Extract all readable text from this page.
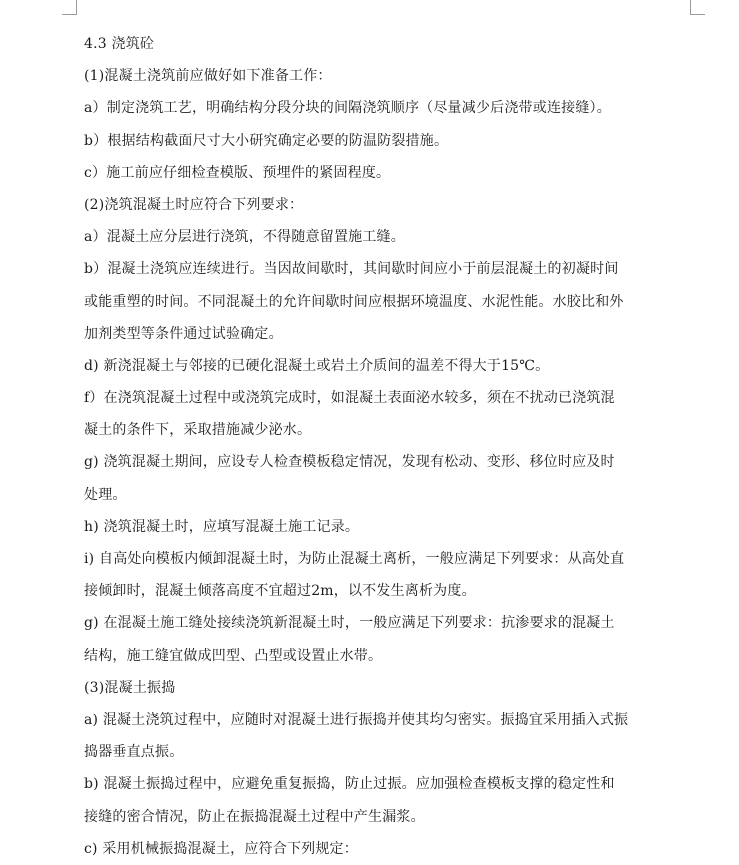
4.3 浇筑砼
(1)混凝土浇筑前应做好如下准备工作：
a）制定浇筑工艺，明确结构分段分块的间隔浇筑顺序（尽量减少后浇带或连接缝）。
b）根据结构截面尺寸大小研究确定必要的防温防裂措施。
c）施工前应仔细检查模版、预埋件的紧固程度。
(2)浇筑混凝土时应符合下列要求：
a）混凝土应分层进行浇筑，不得随意留置施工缝。
b）混凝土浇筑应连续进行。当因故间歇时，其间歇时间应小于前层混凝土的初凝时间
或能重塑的时间。不同混凝土的允许间歇时间应根据环境温度、水泥性能。水胶比和外
加剂类型等条件通过试验确定。
d) 新浇混凝土与邻接的已硬化混凝土或岩土介质间的温差不得大于15℃。
f）在浇筑混凝土过程中或浇筑完成时，如混凝土表面泌水较多，须在不扰动已浇筑混
凝土的条件下，采取措施减少泌水。
g) 浇筑混凝土期间，应设专人检查模板稳定情况，发现有松动、变形、移位时应及时
处理。
h) 浇筑混凝土时，应填写混凝土施工记录。
i) 自高处向模板内倾卸混凝土时，为防止混凝土离析，一般应满足下列要求：从高处直
接倾卸时，混凝土倾落高度不宜超过2m，以不发生离析为度。
g) 在混凝土施工缝处接续浇筑新混凝土时，一般应满足下列要求：抗渗要求的混凝土
结构，施工缝宜做成凹型、凸型或设置止水带。
(3)混凝土振捣
a) 混凝土浇筑过程中，应随时对混凝土进行振捣并使其均匀密实。振捣宜采用插入式振
捣器垂直点振。
b) 混凝土振捣过程中，应避免重复振捣，防止过振。应加强检查模板支撑的稳定性和
接缝的密合情况，防止在振捣混凝土过程中产生漏浆。
c) 采用机械振捣混凝土，应符合下列规定：
